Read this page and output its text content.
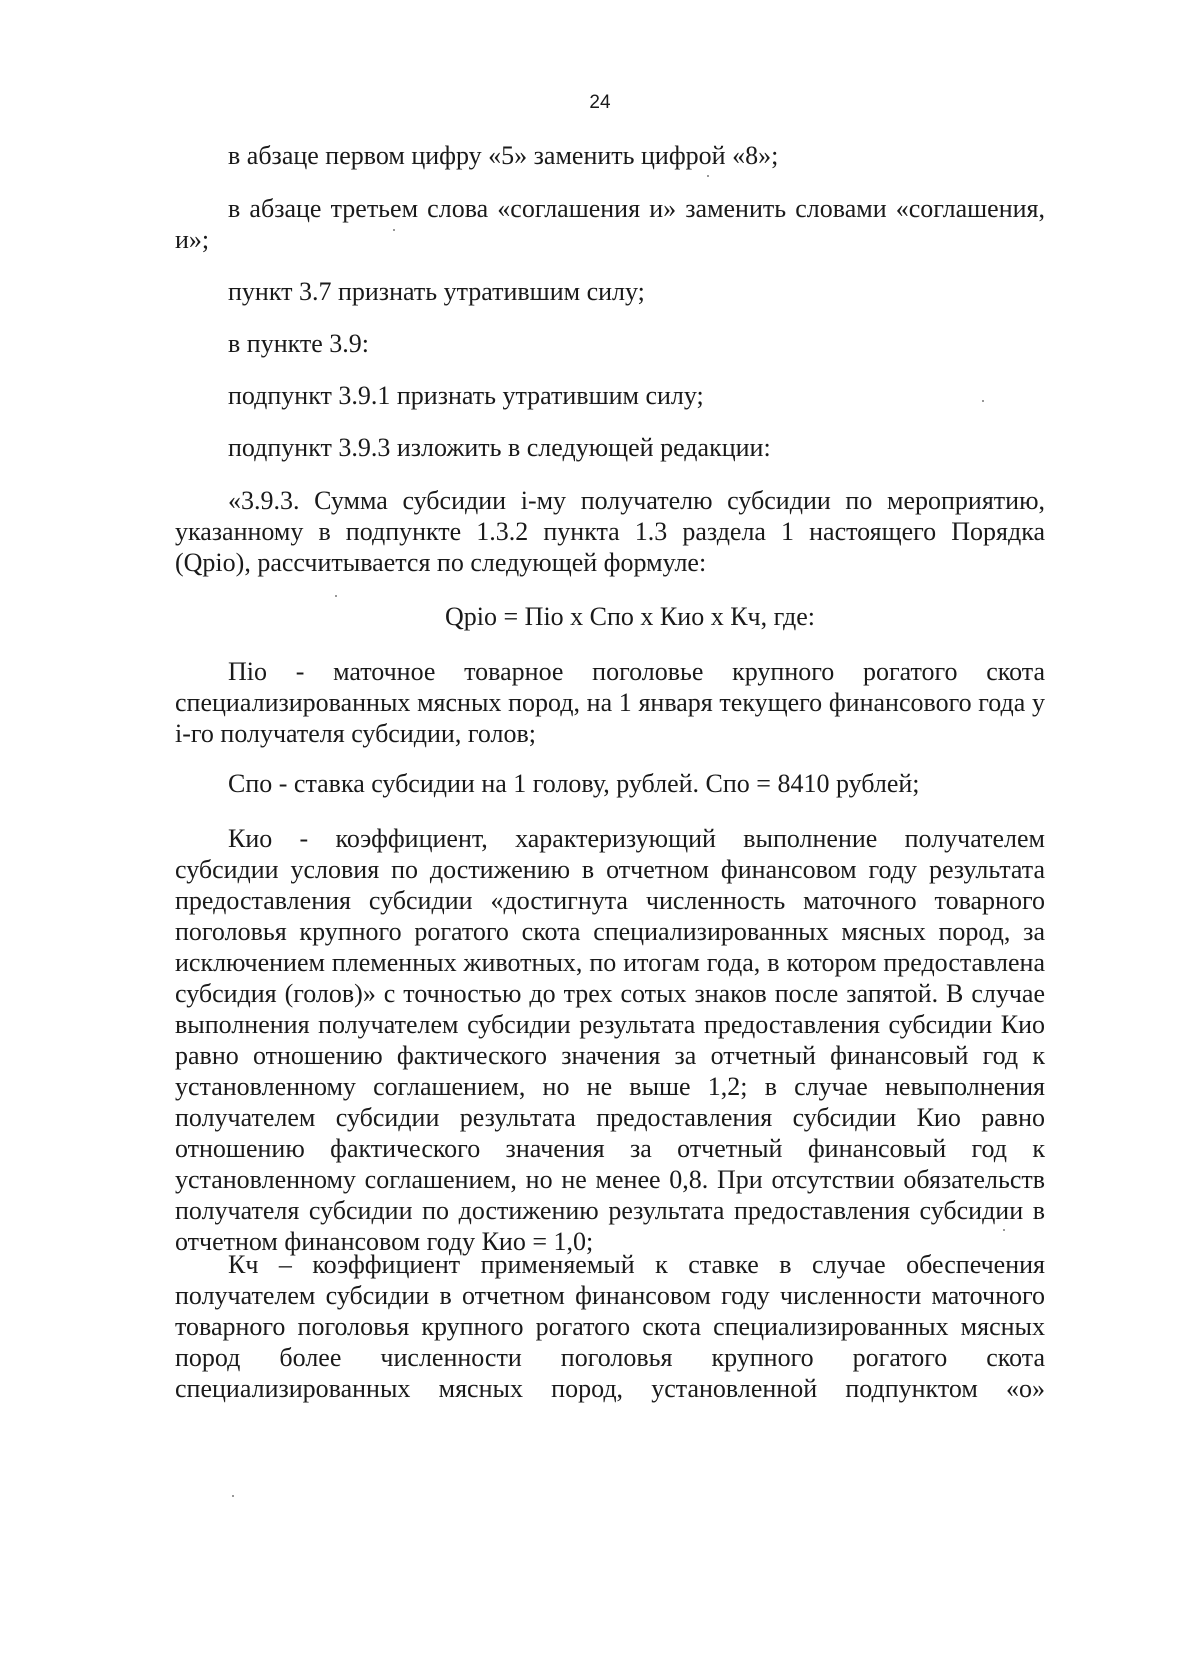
24

в абзаце первом цифру «5» заменить цифрой «8»;

в абзаце третьем слова «соглашения и» заменить словами «соглашения, и»;

пункт 3.7 признать утратившим силу;

в пункте 3.9:

подпункт 3.9.1 признать утратившим силу;

подпункт 3.9.3 изложить в следующей редакции:

«3.9.3. Сумма субсидии i-му получателю субсидии по мероприятию, указанному в подпункте 1.3.2 пункта 1.3 раздела 1 настоящего Порядка (Qpio), рассчитывается по следующей формуле:

Qpio = Пio х Cпо х Кио х Кч, где:

Пio - маточное товарное поголовье крупного рогатого скота специализированных мясных пород, на 1 января текущего финансового года у i-го получателя субсидии, голов;

Cпо - ставка субсидии на 1 голову, рублей. Cпо = 8410 рублей;

Кио - коэффициент, характеризующий выполнение получателем субсидии условия по достижению в отчетном финансовом году результата предоставления субсидии «достигнута численность маточного товарного поголовья крупного рогатого скота специализированных мясных пород, за исключением племенных животных, по итогам года, в котором предоставлена субсидия (голов)» с точностью до трех сотых знаков после запятой. В случае выполнения получателем субсидии результата предоставления субсидии Кио равно отношению фактического значения за отчетный финансовый год к установленному соглашением, но не выше 1,2; в случае невыполнения получателем субсидии результата предоставления субсидии Кио равно отношению фактического значения за отчетный финансовый год к установленному соглашением, но не менее 0,8. При отсутствии обязательств получателя субсидии по достижению результата предоставления субсидии в отчетном финансовом году Кио = 1,0;

Кч – коэффициент применяемый к ставке в случае обеспечения получателем субсидии в отчетном финансовом году численности маточного товарного поголовья крупного рогатого скота специализированных мясных пород более численности поголовья крупного рогатого скота специализированных мясных пород, установленной подпунктом «о»
